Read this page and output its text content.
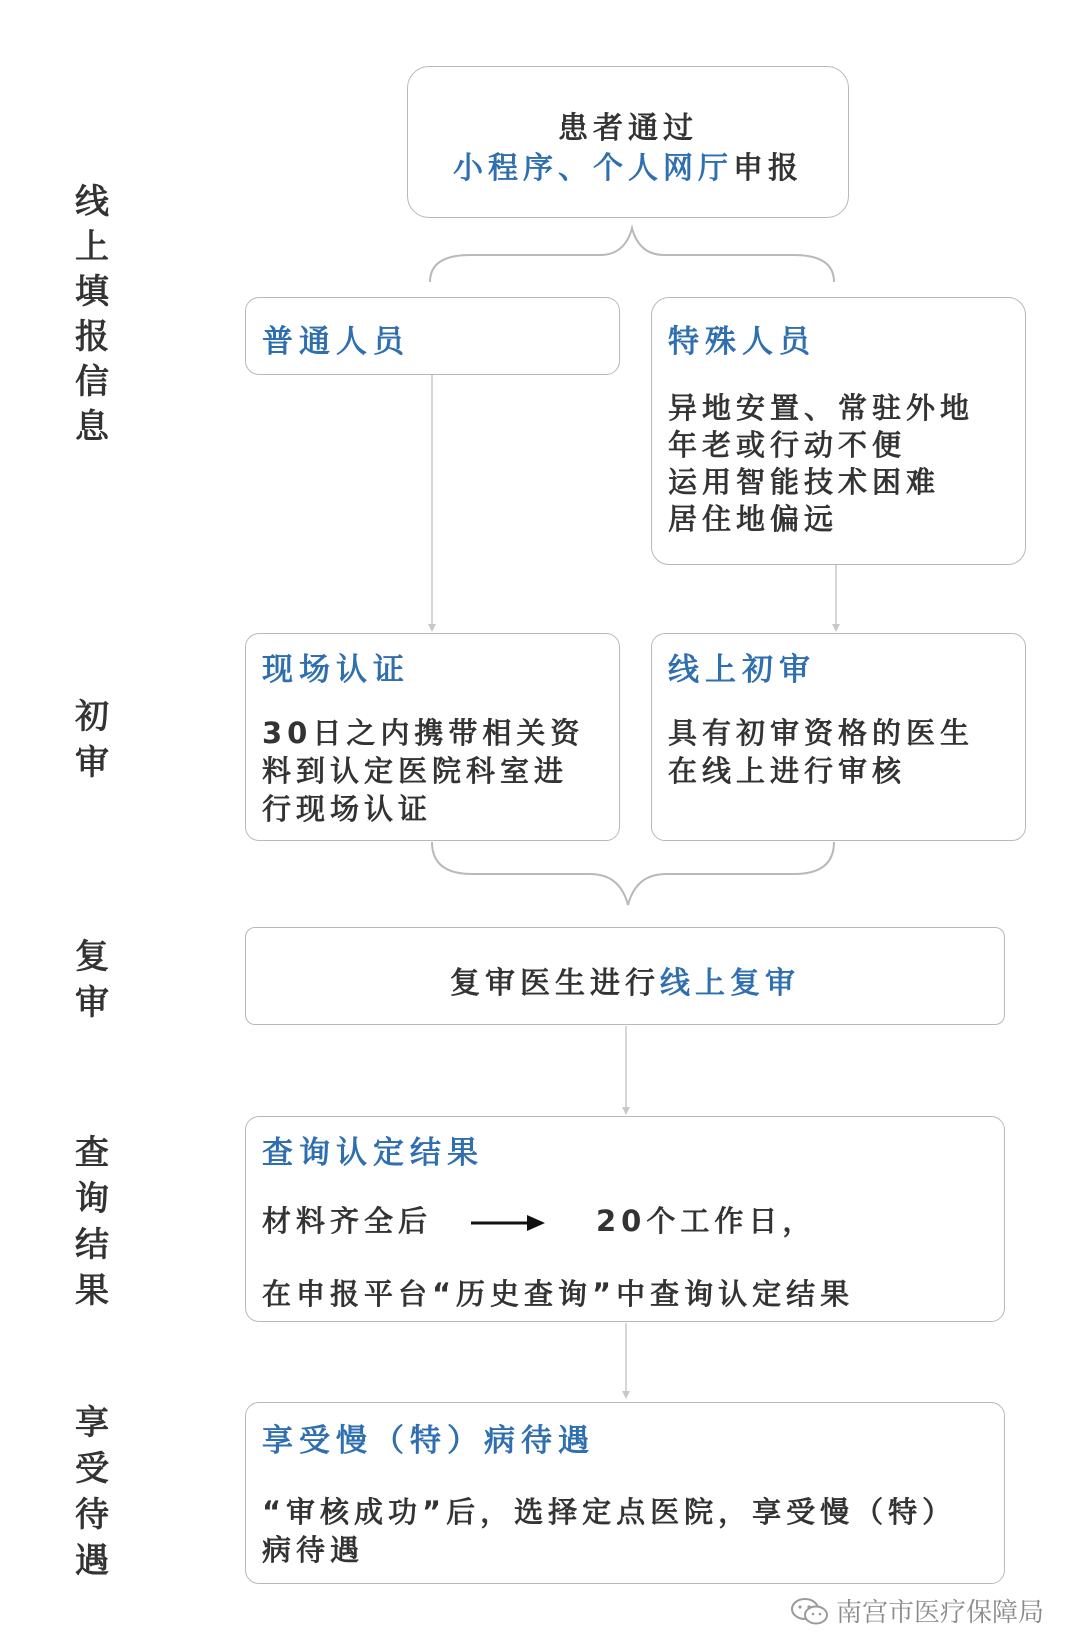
线上填报信息
初审
复审
查询结果
享受待遇
患者通过
小程序、个人网厅申报
普通人员	特殊人员
异地安置、常驻外地
年老或行动不便
运用智能技术困难
居住地偏远
现场认证
30日之内携带相关资
料到认定医院科室进
行现场认证
线上初审
具有初审资格的医生
在线上进行审核
复审医生进行线上复审
查询认定结果
材料齐全后	20个工作日，
在申报平台“历史查询”中查询认定结果
享受慢（特）病待遇
“审核成功”后，选择定点医院，享受慢（特）
病待遇
南宫市医疗保障局
